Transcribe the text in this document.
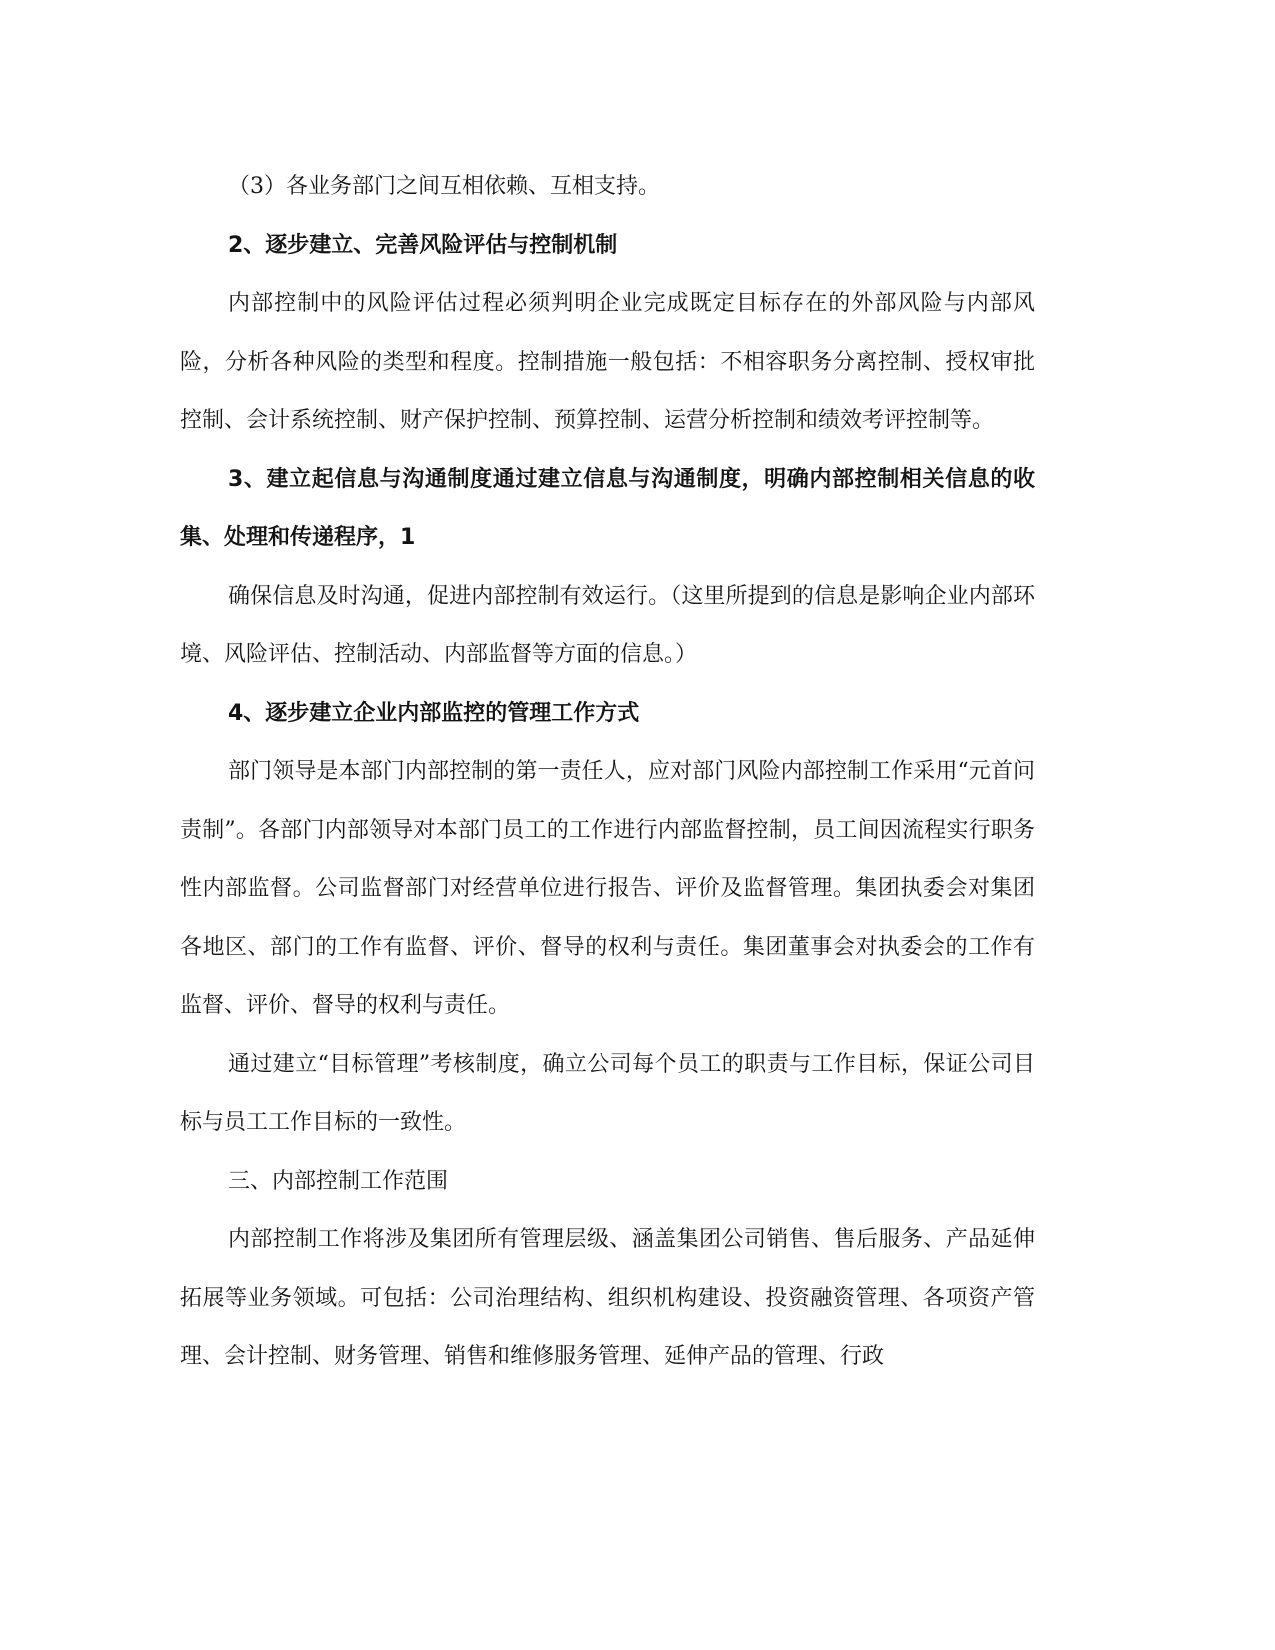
（3）各业务部门之间互相依赖、互相支持。

2、逐步建立、完善风险评估与控制机制

内部控制中的风险评估过程必须判明企业完成既定目标存在的外部风险与内部风险，分析各种风险的类型和程度。控制措施一般包括：不相容职务分离控制、授权审批控制、会计系统控制、财产保护控制、预算控制、运营分析控制和绩效考评控制等。

3、建立起信息与沟通制度通过建立信息与沟通制度，明确内部控制相关信息的收集、处理和传递程序，1

确保信息及时沟通，促进内部控制有效运行。（这里所提到的信息是影响企业内部环境、风险评估、控制活动、内部监督等方面的信息。）

4、逐步建立企业内部监控的管理工作方式

部门领导是本部门内部控制的第一责任人，应对部门风险内部控制工作采用“元首问责制”。各部门内部领导对本部门员工的工作进行内部监督控制，员工间因流程实行职务性内部监督。公司监督部门对经营单位进行报告、评价及监督管理。集团执委会对集团各地区、部门的工作有监督、评价、督导的权利与责任。集团董事会对执委会的工作有监督、评价、督导的权利与责任。

通过建立“目标管理”考核制度，确立公司每个员工的职责与工作目标，保证公司目标与员工工作目标的一致性。

三、内部控制工作范围

内部控制工作将涉及集团所有管理层级、涵盖集团公司销售、售后服务、产品延伸拓展等业务领域。可包括：公司治理结构、组织机构建设、投资融资管理、各项资产管理、会计控制、财务管理、销售和维修服务管理、延伸产品的管理、行政
